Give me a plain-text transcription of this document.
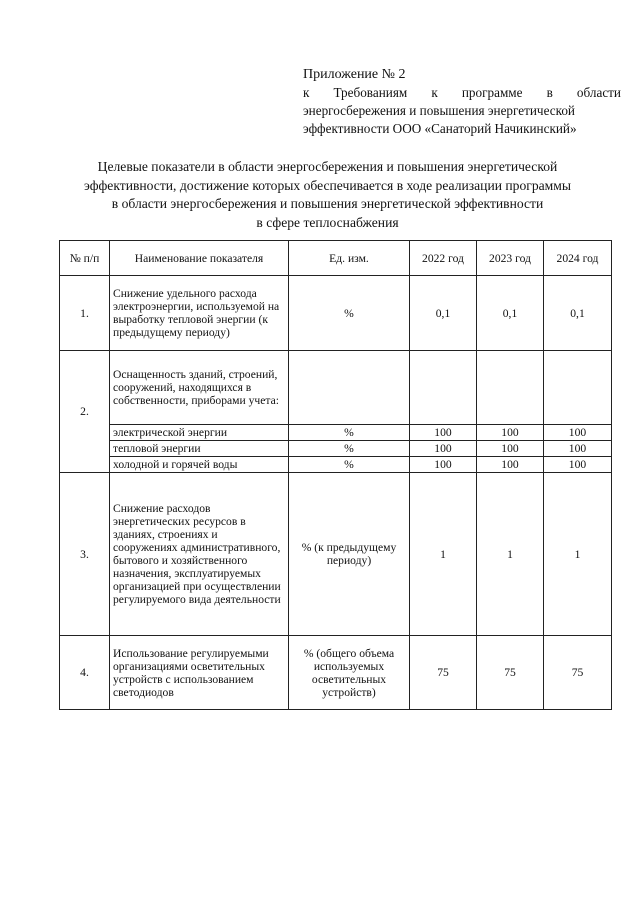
Приложение № 2
к Требованиям к программе в области
энергосбережения и повышения энергетической
эффективности ООО «Санаторий Начикинский»
Целевые показатели в области энергосбережения и повышения энергетической
эффективности, достижение которых обеспечивается в ходе реализации программы
в области энергосбережения и повышения энергетической эффективности
в сфере теплоснабжения
№ п/п	Наименование показателя	Ед. изм.	2022 год	2023 год	2024 год
1.	Снижение удельного расхода электроэнергии, используемой на выработку тепловой энергии (к предыдущему периоду)	%	0,1	0,1	0,1
2.	Оснащенность зданий, строений, сооружений, находящихся в собственности, приборами учета:				
	электрической энергии	%	100	100	100
	тепловой энергии	%	100	100	100
	холодной и горячей воды	%	100	100	100
3.	Снижение расходов энергетических ресурсов в зданиях, строениях и сооружениях административного, бытового и хозяйственного назначения, эксплуатируемых организацией при осуществлении регулируемого вида деятельности	% (к предыдущему периоду)	1	1	1
4.	Использование регулируемыми организациями осветительных устройств с использованием светодиодов	% (общего объема используемых осветительных устройств)	75	75	75
